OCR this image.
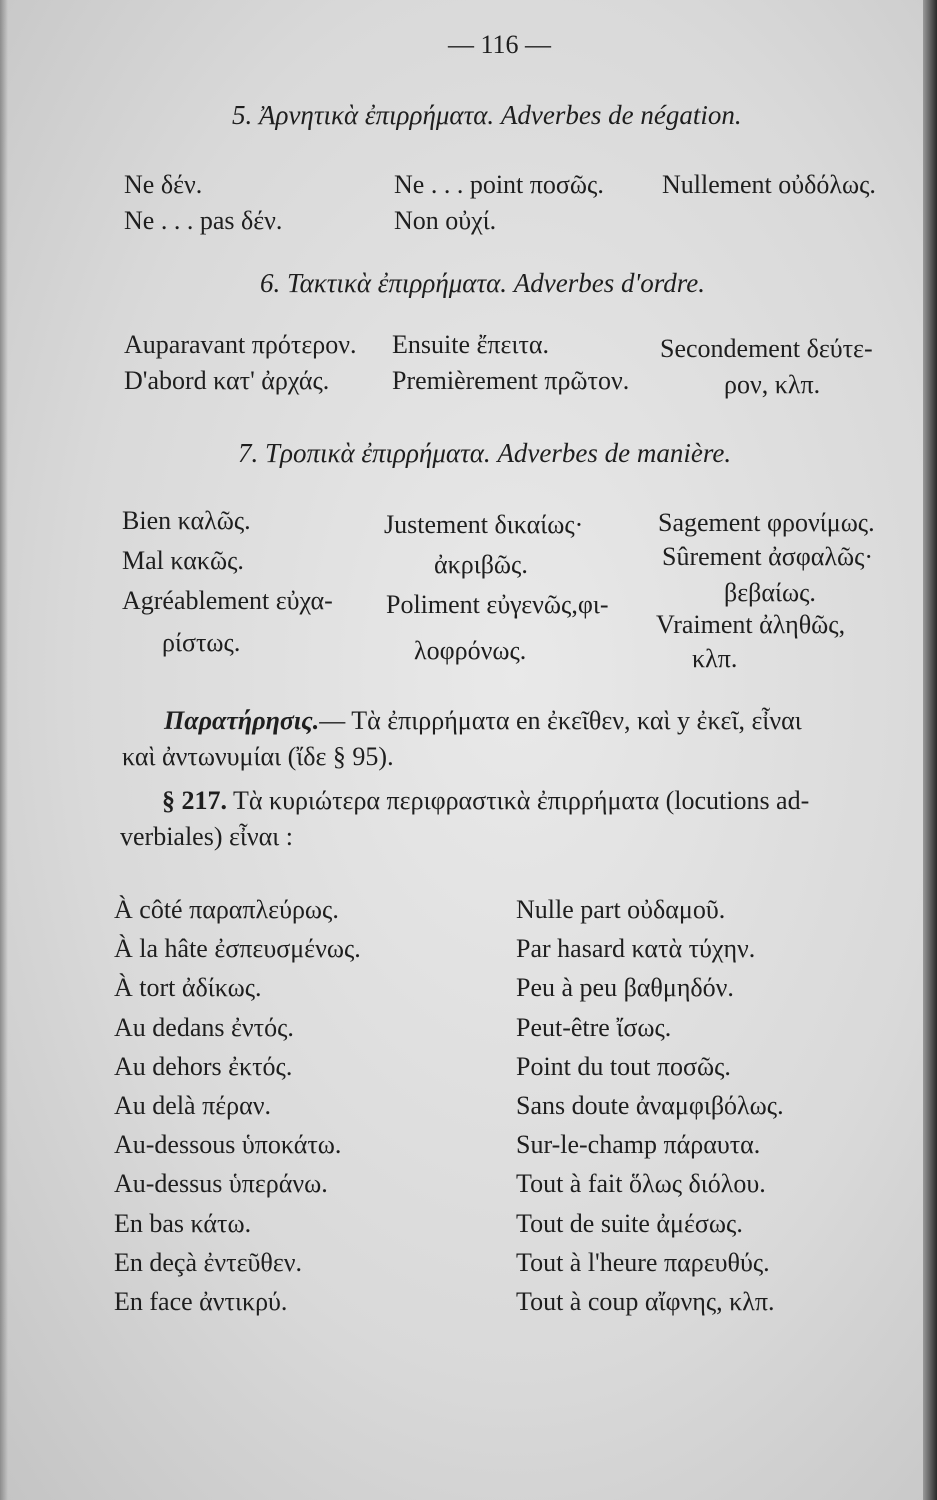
— 116 —
5. Ἀρνητικὰ ἐπιρρήματα. Adverbes de négation.
Ne δέν.
Ne . . . pas δέν.
Ne . . . point ποσῶς.
Non οὐχί.
Nullement οὐδόλως.
6. Τακτικὰ ἐπιρρήματα. Adverbes d'ordre.
Auparavant πρότερον.
D'abord κατ' ἀρχάς.
Ensuite ἔπειτα.
Premièrement πρῶτον.
Secondement δεύτε-
ρον, κλπ.
7. Τροπικὰ ἐπιρρήματα. Adverbes de manière.
Bien καλῶς.
Mal κακῶς.
Agréablement εὐχα-
ρίστως.
Justement δικαίως·
ἀκριβῶς.
Poliment εὐγενῶς,φι-
λοφρόνως.
Sagement φρονίμως.
Sûrement ἀσφαλῶς·
βεβαίως.
Vraiment ἀληθῶς,
κλπ.
Παρατήρησις.— Τὰ ἐπιρρήματα en ἐκεῖθεν, καὶ y ἐκεῖ, εἶναι
καὶ ἀντωνυμίαι (ἴδε § 95).
§ 217. Τὰ κυριώτερα περιφραστικὰ ἐπιρρήματα (locutions ad-
verbiales) εἶναι :
À côté παραπλεύρως.
À la hâte ἐσπευσμένως.
À tort ἀδίκως.
Au dedans ἐντός.
Au dehors ἐκτός.
Au delà πέραν.
Au-dessous ὑποκάτω.
Au-dessus ὑπεράνω.
En bas κάτω.
En deçà ἐντεῦθεν.
En face ἀντικρύ.
Nulle part οὐδαμοῦ.
Par hasard κατὰ τύχην.
Peu à peu βαθμηδόν.
Peut-être ἴσως.
Point du tout ποσῶς.
Sans doute ἀναμφιβόλως.
Sur-le-champ πάραυτα.
Tout à fait ὅλως διόλου.
Tout de suite ἀμέσως.
Tout à l'heure παρευθύς.
Tout à coup αἴφνης, κλπ.
